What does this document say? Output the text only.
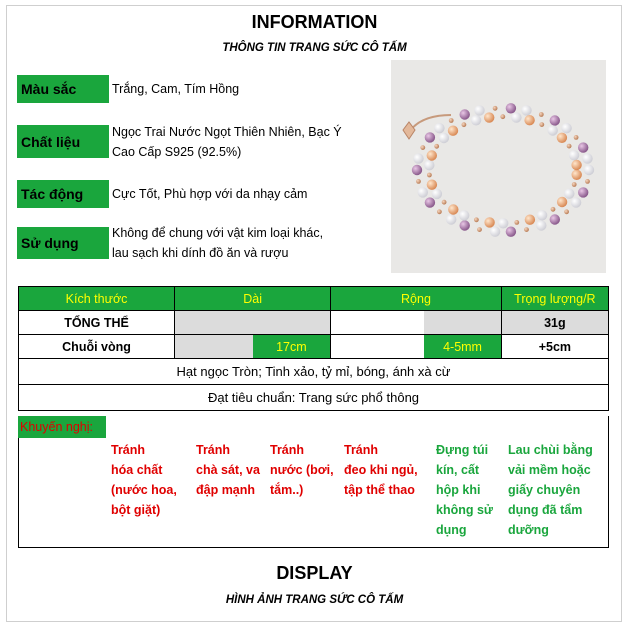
INFORMATION
THÔNG TIN TRANG SỨC CÔ TẤM
Màu sắc	Trắng, Cam, Tím Hồng
Chất liệu
Ngọc Trai Nước Ngọt Thiên Nhiên, Bạc Ý Cao Cấp S925 (92.5%)
Tác động	Cực Tốt, Phù hợp với da nhạy cảm
Sử dụng
Không để chung với vật kim loại khác, lau sạch khi dính đồ ăn và rượu
Kích thước	Dài		Rộng		Trọng lượng/R
TỔNG THỂ					31g
Chuỗi vòng		17cm		4-5mm	+5cm
Hạt ngọc Tròn; Tinh xảo, tỷ mỉ, bóng, ánh xà cừ					
Đạt tiêu chuẩn: Trang sức phổ thông					
Khuyến nghị:
Tránh
hóa chất
(nước hoa,
bột giặt)
Tránh
chà sát, va
đập mạnh
Tránh
nước (bơi,
tắm..)
Tránh
đeo khi ngủ,
tập thể thao
Đựng túi
kín, cất
hộp khi
không sử
dụng
Lau chùi bằng
vải mềm hoặc
giấy chuyên
dụng đã tẩm
dưỡng
DISPLAY
HÌNH ẢNH TRANG SỨC CÔ TẤM
